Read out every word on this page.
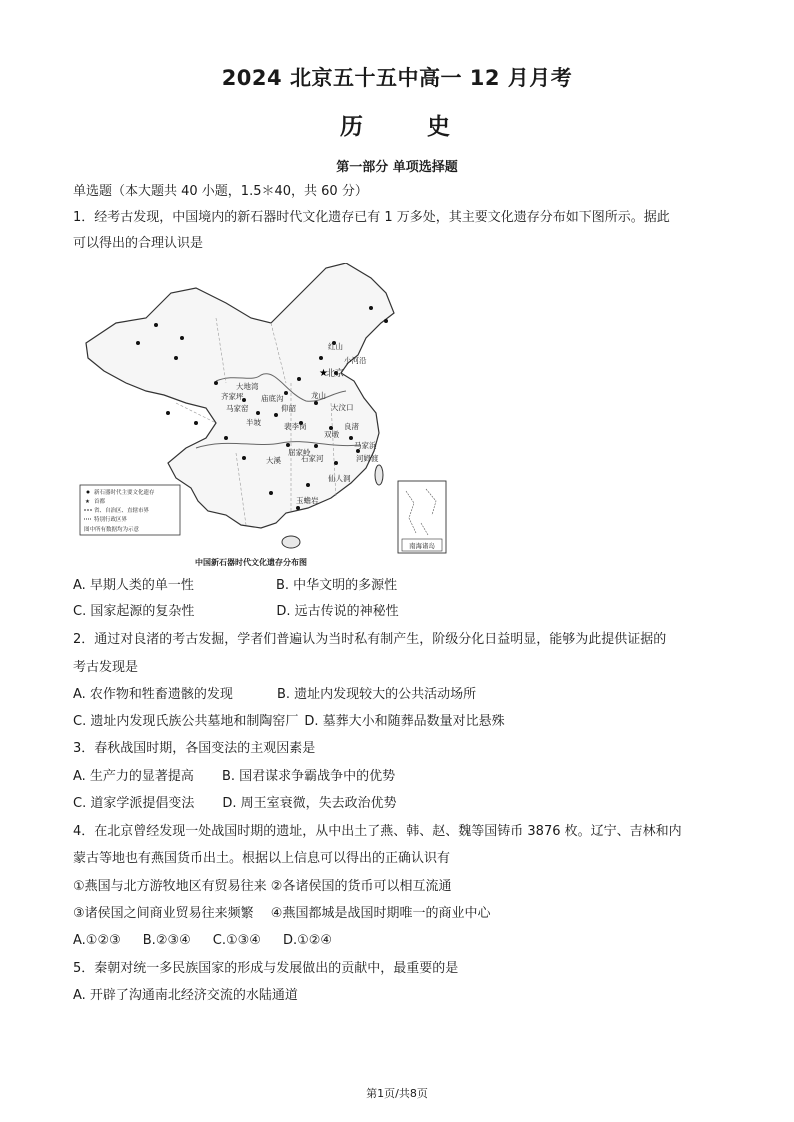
2024 北京五十五中高一 12 月月考
历 史
第一部分 单项选择题
单选题（本大题共 40 小题，1.5＊40，共 60 分）
1．经考古发现，中国境内的新石器时代文化遗存已有 1 万多处，其主要文化遗存分布如下图所示。据此
可以得出的合理认识是
★
红山
小河沿
北京
大汶口
龙山
齐家坪
大地湾
马家窑
半坡
庙底沟
仰韶
裴李岗
双墩
良渚
河姆渡
马家浜
屈家岭
大溪	石家河
仙人洞
玉蟾岩
新石器时代主要文化遗存
★ 首都
省、自治区、直辖市界
特别行政区界
图中所有数据均为示意
南海诸岛
中国新石器时代文化遗存分布图
A. 早期人类的单一性	B. 中华文明的多源性
C. 国家起源的复杂性	D. 远古传说的神秘性
2．通过对良渚的考古发掘，学者们普遍认为当时私有制产生，阶级分化日益明显，能够为此提供证据的
考古发现是
A. 农作物和牲畜遗骸的发现	B. 遗址内发现较大的公共活动场所
C. 遗址内发现氏族公共墓地和制陶窑厂 D. 墓葬大小和随葬品数量对比悬殊
3．春秋战国时期，各国变法的主观因素是
A. 生产力的显著提高 B. 国君谋求争霸战争中的优势
C. 道家学派提倡变法 D. 周王室衰微，失去政治优势
4．在北京曾经发现一处战国时期的遗址，从中出土了燕、韩、赵、魏等国铸币 3876 枚。辽宁、吉林和内
蒙古等地也有燕国货币出土。根据以上信息可以得出的正确认识有
①燕国与北方游牧地区有贸易往来 ②各诸侯国的货币可以相互流通
③诸侯国之间商业贸易往来频繁　 ④燕国都城是战国时期唯一的商业中心
A.①②③ B.②③④ C.①③④ D.①②④
5．秦朝对统一多民族国家的形成与发展做出的贡献中，最重要的是
A. 开辟了沟通南北经济交流的水陆通道
第1页/共8页
